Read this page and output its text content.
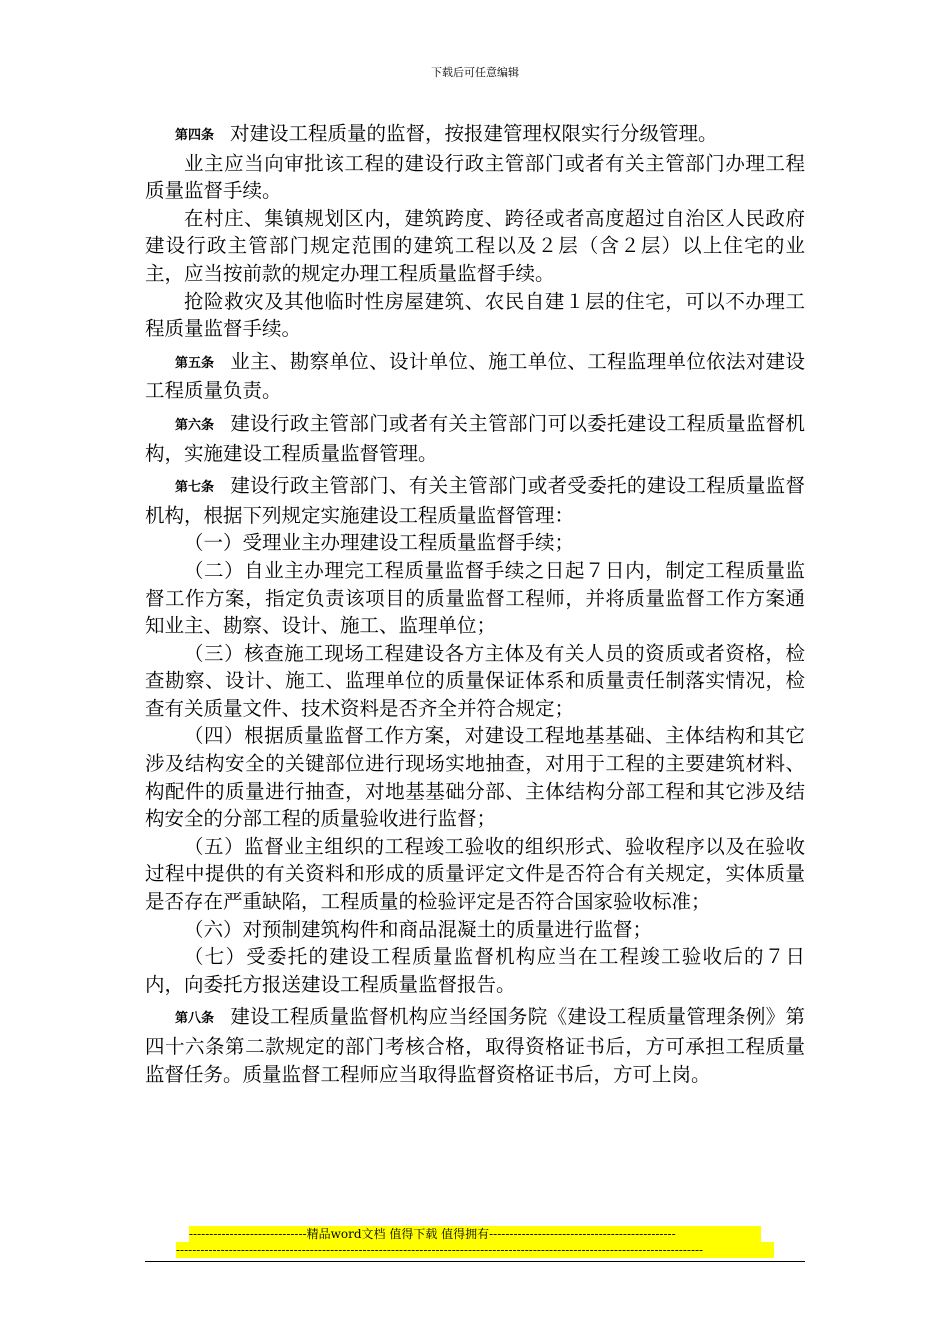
下载后可任意编辑

第四条 对建设工程质量的监督，按报建管理权限实行分级管理。

业主应当向审批该工程的建设行政主管部门或者有关主管部门办理工程质量监督手续。

在村庄、集镇规划区内，建筑跨度、跨径或者高度超过自治区人民政府建设行政主管部门规定范围的建筑工程以及２层（含２层）以上住宅的业主，应当按前款的规定办理工程质量监督手续。

抢险救灾及其他临时性房屋建筑、农民自建１层的住宅，可以不办理工程质量监督手续。

第五条 业主、勘察单位、设计单位、施工单位、工程监理单位依法对建设工程质量负责。

第六条 建设行政主管部门或者有关主管部门可以委托建设工程质量监督机构，实施建设工程质量监督管理。

第七条 建设行政主管部门、有关主管部门或者受委托的建设工程质量监督机构，根据下列规定实施建设工程质量监督管理：

（一）受理业主办理建设工程质量监督手续；

（二）自业主办理完工程质量监督手续之日起７日内，制定工程质量监督工作方案，指定负责该项目的质量监督工程师，并将质量监督工作方案通知业主、勘察、设计、施工、监理单位；

（三）核查施工现场工程建设各方主体及有关人员的资质或者资格，检查勘察、设计、施工、监理单位的质量保证体系和质量责任制落实情况，检查有关质量文件、技术资料是否齐全并符合规定；

（四）根据质量监督工作方案，对建设工程地基基础、主体结构和其它涉及结构安全的关键部位进行现场实地抽查，对用于工程的主要建筑材料、构配件的质量进行抽查，对地基基础分部、主体结构分部工程和其它涉及结构安全的分部工程的质量验收进行监督；

（五）监督业主组织的工程竣工验收的组织形式、验收程序以及在验收过程中提供的有关资料和形成的质量评定文件是否符合有关规定，实体质量是否存在严重缺陷，工程质量的检验评定是否符合国家验收标准；

（六）对预制建筑构件和商品混凝土的质量进行监督；

（七）受委托的建设工程质量监督机构应当在工程竣工验收后的７日内，向委托方报送建设工程质量监督报告。

第八条 建设工程质量监督机构应当经国务院《建设工程质量管理条例》第四十六条第二款规定的部门考核合格，取得资格证书后，方可承担工程质量监督任务。质量监督工程师应当取得监督资格证书后，方可上岗。

-----------------------------精品word文档 值得下载 值得拥有----------------------------------------------
----------------------------------------------------------------------------------------------------------------------------------
